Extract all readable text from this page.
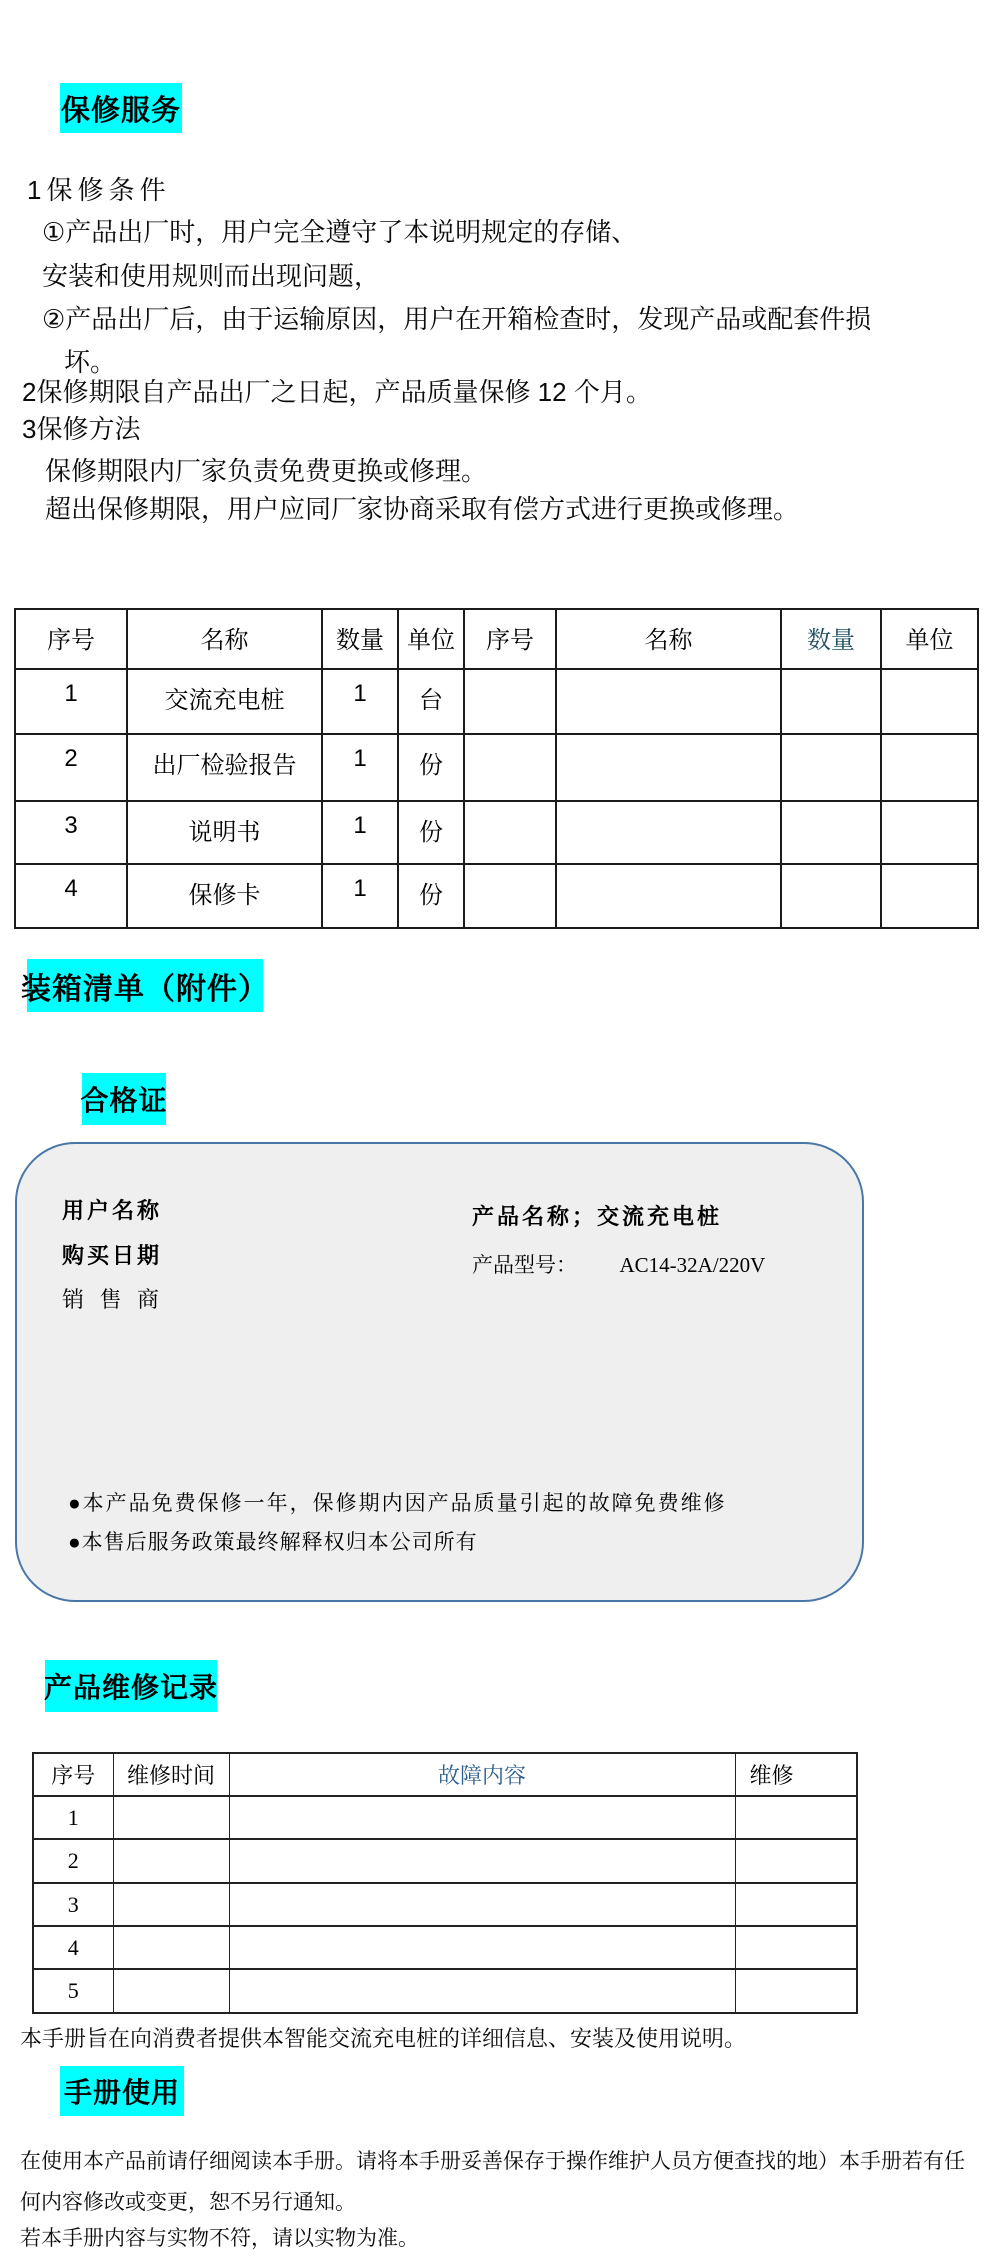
保修服务
1保修条件
①产品出厂时，用户完全遵守了本说明规定的存储、
安装和使用规则而出现问题，
②产品出厂后，由于运输原因，用户在开箱检查时，发现产品或配套件损
坏。
2保修期限自产品出厂之日起，产品质量保修 12 个月。
3保修方法
保修期限内厂家负责免费更换或修理。
超出保修期限，用户应同厂家协商采取有偿方式进行更换或修理。
序号	名称	数量	单位	序号	名称	数量	单位
1	交流充电桩	1	台				
2	出厂检验报告	1	份				
3	说明书	1	份				
4	保修卡	1	份				
装箱清单（附件）
合格证
用户名称
购买日期
销 售 商
产品名称；交流充电桩
产品型号： AC14-32A/220V
●本产品免费保修一年，保修期内因产品质量引起的故障免费维修
●本售后服务政策最终解释权归本公司所有
产品维修记录
序号	维修时间	故障内容	维修
1			
2			
3			
4			
5			
本手册旨在向消费者提供本智能交流充电桩的详细信息、安装及使用说明。
手册使用
在使用本产品前请仔细阅读本手册。请将本手册妥善保存于操作维护人员方便查找的地）本手册若有任
何内容修改或变更，恕不另行通知。
若本手册内容与实物不符，请以实物为准。
